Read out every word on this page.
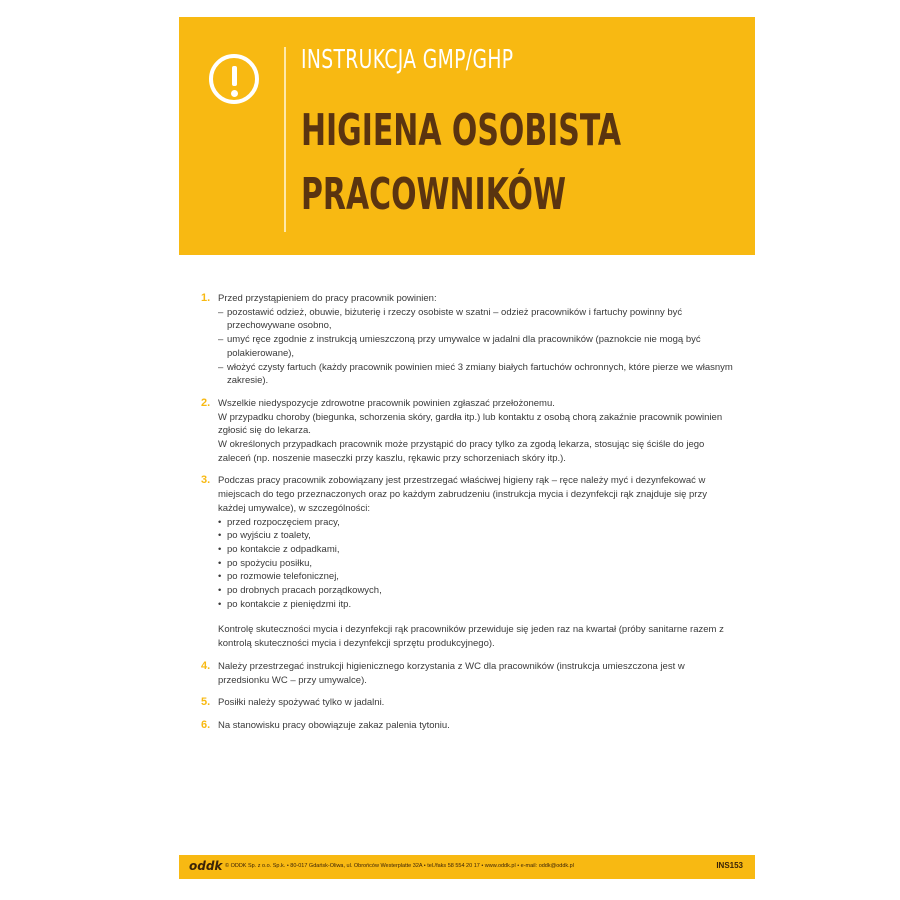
INSTRUKCJA GMP/GHP
HIGIENA OSOBISTA
PRACOWNIKÓW
1. Przed przystąpieniem do pracy pracownik powinien:

– pozostawić odzież, obuwie, biżuterię i rzeczy osobiste w szatni – odzież pracowników i fartuchy powinny być przechowywane osobno,
– umyć ręce zgodnie z instrukcją umieszczoną przy umywalce w jadalni dla pracowników (paznokcie nie mogą być polakierowane),
– włożyć czysty fartuch (każdy pracownik powinien mieć 3 zmiany białych fartuchów ochronnych, które pierze we własnym zakresie).
2. Wszelkie niedyspozycje zdrowotne pracownik powinien zgłaszać przełożonemu.

W przypadku choroby (biegunka, schorzenia skóry, gardła itp.) lub kontaktu z osobą chorą zakaźnie pracownik powinien zgłosić się do lekarza.

W określonych przypadkach pracownik może przystąpić do pracy tylko za zgodą lekarza, stosując się ściśle do jego zaleceń (np. noszenie maseczki przy kaszlu, rękawic przy schorzeniach skóry itp.).

3. Podczas pracy pracownik zobowiązany jest przestrzegać właściwej higieny rąk – ręce należy myć i dezynfekować w miejscach do tego przeznaczonych oraz po każdym zabrudzeniu (instrukcja mycia i dezynfekcji rąk znajduje się przy każdej umywalce), w szczególności:

• przed rozpoczęciem pracy,
• po wyjściu z toalety,
• po kontakcie z odpadkami,
• po spożyciu posiłku,
• po rozmowie telefonicznej,
• po drobnych pracach porządkowych,
• po kontakcie z pieniędzmi itp.

Kontrolę skuteczności mycia i dezynfekcji rąk pracowników przewiduje się jeden raz na kwartał (próby sanitarne razem z kontrolą skuteczności mycia i dezynfekcji sprzętu produkcyjnego).

4. Należy przestrzegać instrukcji higienicznego korzystania z WC dla pracowników (instrukcja umieszczona jest w przedsionku WC – przy umywalce).

5. Posiłki należy spożywać tylko w jadalni.

6. Na stanowisku pracy obowiązuje zakaz palenia tytoniu.

oddk © ODDK Sp. z o.o. Sp.k. • 80-017 Gdańsk-Oliwa, ul. Obrońców Westerplatte 32A • tel./faks 58 554 20 17 • www.oddk.pl • e-mail: oddk@oddk.pl	INS153
